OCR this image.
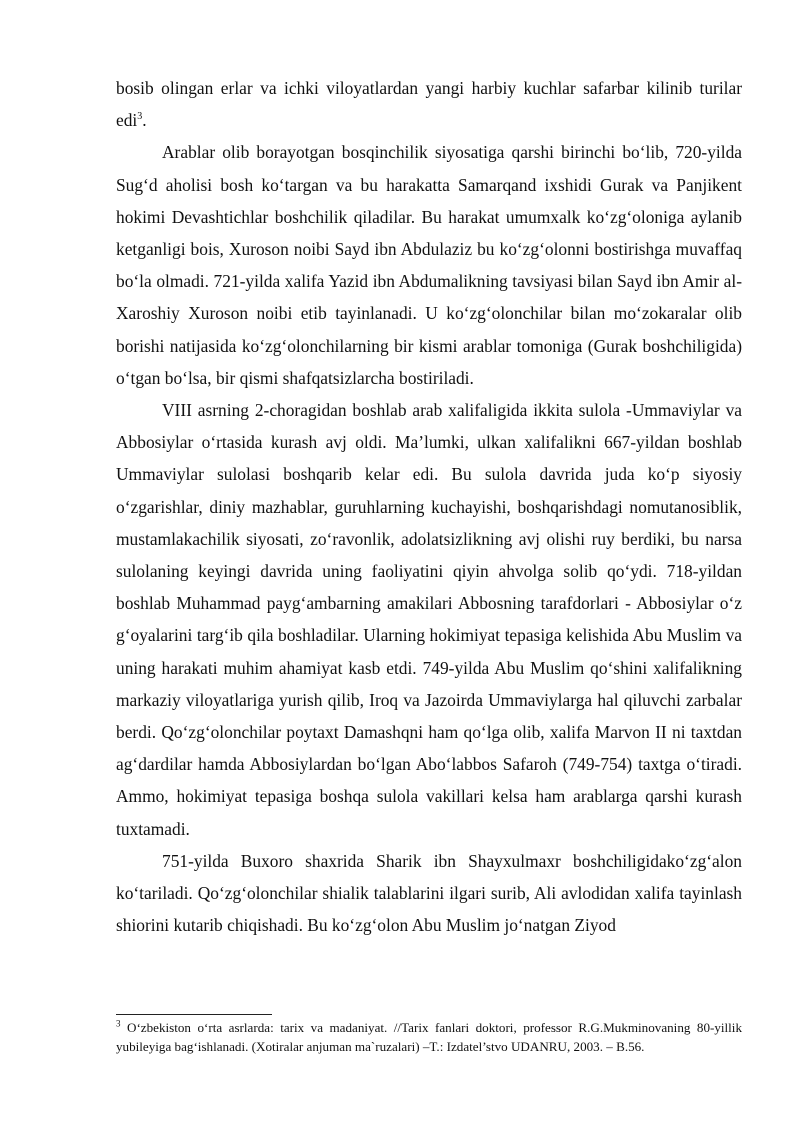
bosib olingan erlar va ichki viloyatlardan yangi harbiy kuchlar safarbar kilinib turilar edi$^3$.

Arablar olib borayotgan bosqinchilik siyosatiga qarshi birinchi boʻlib, 720-yilda Sugʻd aholisi bosh koʻtargan va bu harakatta Samarqand ixshidi Gurak va Panjikent hokimi Devashtichlar boshchilik qiladilar. Bu harakat umumxalk koʻzgʻoloniga aylanib ketganligi bois, Xuroson noibi Sayd ibn Abdulaziz bu koʻzgʻolonni bostirishga muvaffaq boʻla olmadi. 721-yilda xalifa Yazid ibn Abdumalikning tavsiyasi bilan Sayd ibn Amir al-Xaroshiy Xuroson noibi etib tayinlanadi. U koʻzgʻolonchilar bilan moʻzokaralar olib borishi natijasida koʻzgʻolonchilarning bir kismi arablar tomoniga (Gurak boshchiligida) oʻtgan boʻlsa, bir qismi shafqatsizlarcha bostiriladi.

VIII asrning 2-choragidan boshlab arab xalifaligida ikkita sulola -Ummaviylar va Abbosiylar oʻrtasida kurash avj oldi. Maʼlumki, ulkan xalifalikni 667-yildan boshlab Ummaviylar sulolasi boshqarib kelar edi. Bu sulola davrida juda koʻp siyosiy oʻzgarishlar, diniy mazhablar, guruhlarning kuchayishi, boshqarishdagi nomutanosiblik, mustamlakachilik siyosati, zoʻravonlik, adolatsizlikning avj olishi ruy berdiki, bu narsa sulolaning keyingi davrida uning faoliyatini qiyin ahvolga solib qoʻydi. 718-yildan boshlab Muhammad paygʻambarning amakilari Abbosning tarafdorlari - Abbosiylar oʻz gʻoyalarini targʻib qila boshladilar. Ularning hokimiyat tepasiga kelishida Abu Muslim va uning harakati muhim ahamiyat kasb etdi. 749-yilda Abu Muslim qoʻshini xalifalikning markaziy viloyatlariga yurish qilib, Iroq va Jazoirda Ummaviylarga hal qiluvchi zarbalar berdi. Qoʻzgʻolonchilar poytaxt Damashqni ham qoʻlga olib, xalifa Marvon II ni taxtdan agʻdardilar hamda Abbosiylardan boʻlgan Aboʻlabbos Safaroh (749-754) taxtga oʻtiradi. Ammo, hokimiyat tepasiga boshqa sulola vakillari kelsa ham arablarga qarshi kurash tuxtamadi.

751-yilda Buxoro shaxrida Sharik ibn Shayxulmaxr boshchiligidakoʻzgʻalon koʻtariladi. Qoʻzgʻolonchilar shialik talablarini ilgari surib, Ali avlodidan xalifa tayinlash shiorini kutarib chiqishadi. Bu koʻzgʻolon Abu Muslim joʻnatgan Ziyod

$^3$ Oʻzbekiston oʻrta asrlarda: tarix va madaniyat. //Tarix fanlari doktori, professor R.G.Mukminovaning 80-yillik yubileyiga bagʻishlanadi. (Xotiralar anjuman ma`ruzalari) –T.: Izdatel’stvo UDANRU, 2003. – B.56.
